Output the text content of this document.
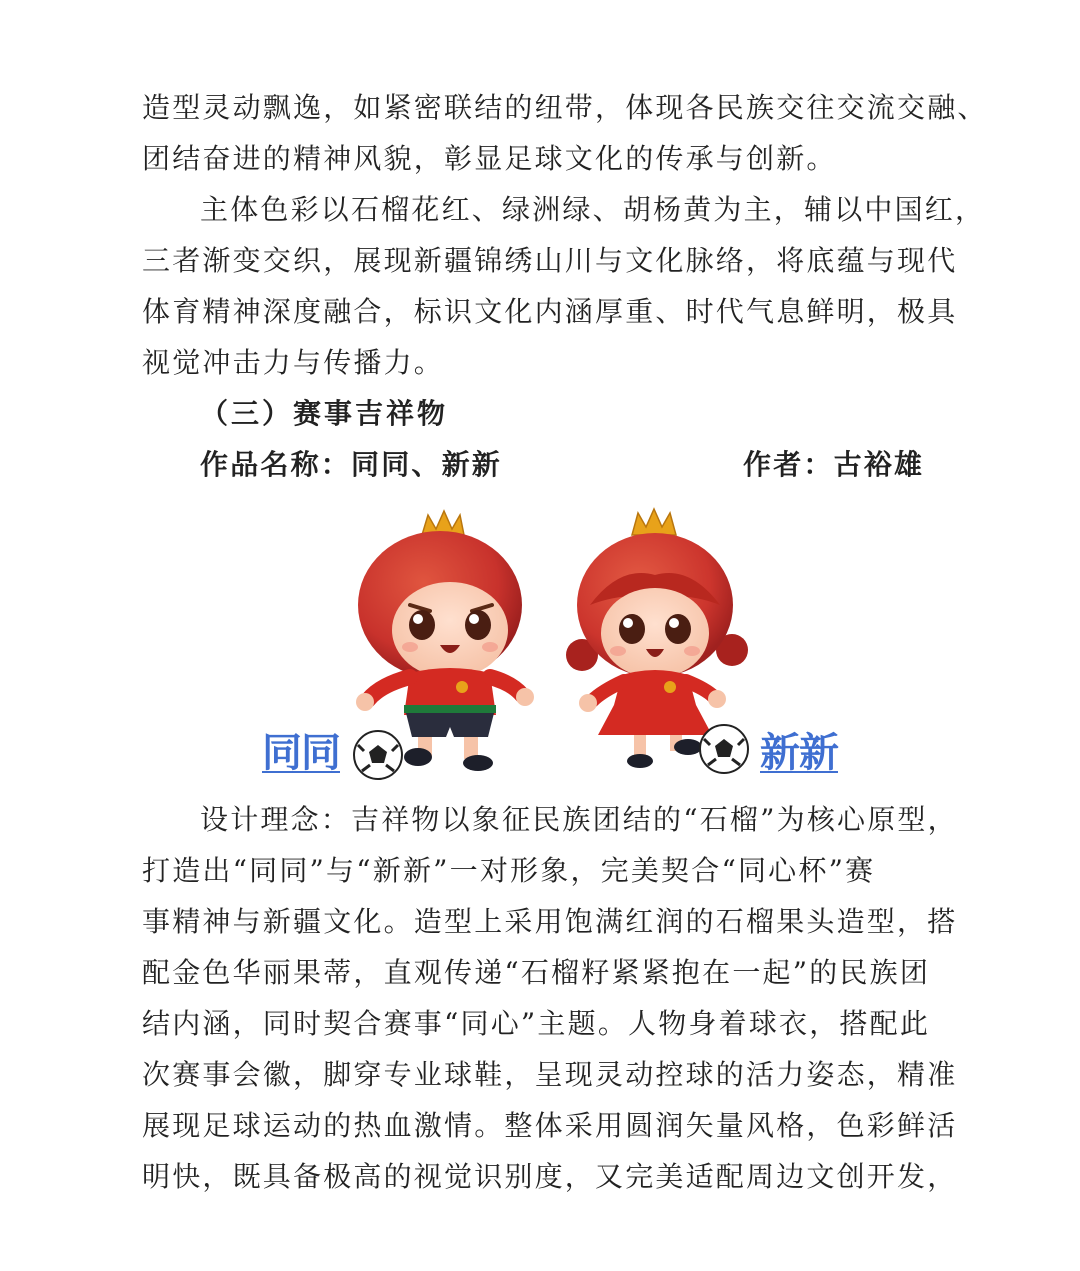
造型灵动飘逸，如紧密联结的纽带，体现各民族交往交流交融、
团结奋进的精神风貌，彰显足球文化的传承与创新。
主体色彩以石榴花红、绿洲绿、胡杨黄为主，辅以中国红，
三者渐变交织，展现新疆锦绣山川与文化脉络，将底蕴与现代
体育精神深度融合，标识文化内涵厚重、时代气息鲜明，极具
视觉冲击力与传播力。
（三）赛事吉祥物
作品名称：同同、新新	作者：古裕雄
同同	新新
设计理念：吉祥物以象征民族团结的“石榴”为核心原型，
打造出“同同”与“新新”一对形象，完美契合“同心杯”赛
事精神与新疆文化。造型上采用饱满红润的石榴果头造型，搭
配金色华丽果蒂，直观传递“石榴籽紧紧抱在一起”的民族团
结内涵，同时契合赛事“同心”主题。人物身着球衣，搭配此
次赛事会徽，脚穿专业球鞋，呈现灵动控球的活力姿态，精准
展现足球运动的热血激情。整体采用圆润矢量风格，色彩鲜活
明快，既具备极高的视觉识别度，又完美适配周边文创开发，
